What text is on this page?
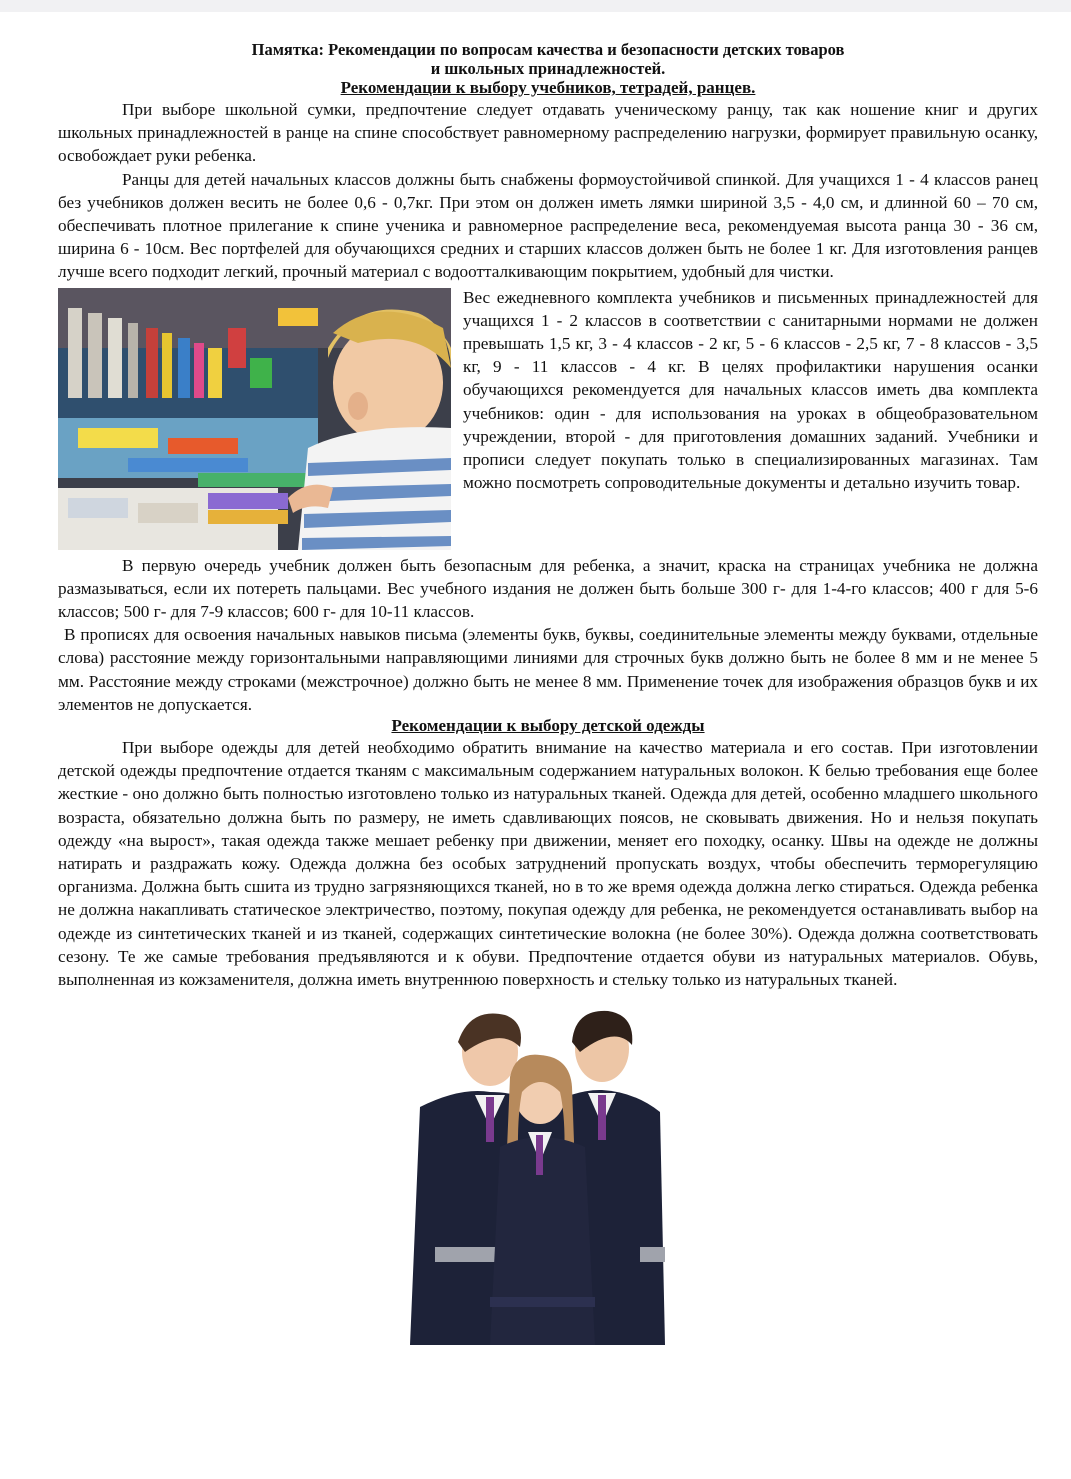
Памятка: Рекомендации по вопросам качества и безопасности детских товаров

и школьных принадлежностей.

Рекомендации к выбору учебников, тетрадей, ранцев.

При выборе школьной сумки, предпочтение следует отдавать ученическому ранцу, так как ношение книг и других школьных принадлежностей в ранце на спине способствует равномерному распределению нагрузки, формирует правильную осанку, освобождает руки ребенка.

Ранцы для детей начальных классов должны быть снабжены формоустойчивой спинкой. Для учащихся 1 - 4 классов ранец без учебников должен весить не более 0,6 - 0,7кг. При этом он должен иметь лямки шириной 3,5 - 4,0 см, и длинной 60 – 70 см, обеспечивать плотное прилегание к спине ученика и равномерное распределение веса, рекомендуемая высота ранца 30 - 36 см, ширина 6 - 10см. Вес портфелей для обучающихся средних и старших классов должен быть не более 1 кг. Для изготовления ранцев лучше всего подходит легкий, прочный материал с водоотталкивающим покрытием, удобный для чистки.

Вес ежедневного комплекта учебников и письменных принадлежностей для учащихся 1 - 2 классов в соответствии с санитарными нормами не должен превышать 1,5 кг, 3 - 4 классов - 2 кг, 5 - 6 классов - 2,5 кг, 7 - 8 классов - 3,5 кг, 9 - 11 классов - 4 кг. В целях профилактики нарушения осанки обучающихся рекомендуется для начальных классов иметь два комплекта учебников: один - для использования на уроках в общеобразовательном учреждении, второй - для приготовления домашних заданий. Учебники и прописи следует покупать только в специализированных магазинах. Там можно посмотреть сопроводительные документы и детально изучить товар.

В первую очередь учебник должен быть безопасным для ребенка, а значит, краска на страницах учебника не должна размазываться, если их потереть пальцами. Вес учебного издания не должен быть больше 300 г- для 1-4-го классов; 400 г для 5-6 классов; 500 г- для 7-9 классов; 600 г- для 10-11 классов.

В прописях для освоения начальных навыков письма (элементы букв, буквы, соединительные элементы между буквами, отдельные слова) расстояние между горизонтальными направляющими линиями для строчных букв должно быть не более 8 мм и не менее 5 мм. Расстояние между строками (межстрочное) должно быть не менее 8 мм. Применение точек для изображения образцов букв и их элементов не допускается.

Рекомендации к выбору детской одежды

При выборе одежды для детей необходимо обратить внимание на качество материала и его состав. При изготовлении детской одежды предпочтение отдается тканям с максимальным содержанием натуральных волокон. К белью требования еще более жесткие - оно должно быть полностью изготовлено только из натуральных тканей. Одежда для детей, особенно младшего школьного возраста, обязательно должна быть по размеру, не иметь сдавливающих поясов, не сковывать движения. Но и нельзя покупать одежду «на вырост», такая одежда также мешает ребенку при движении, меняет его походку, осанку. Швы на одежде не должны натирать и раздражать кожу. Одежда должна без особых затруднений пропускать воздух, чтобы обеспечить терморегуляцию организма. Должна быть сшита из трудно загрязняющихся тканей, но в то же время одежда должна легко стираться. Одежда ребенка не должна накапливать статическое электричество, поэтому, покупая одежду для ребенка, не рекомендуется останавливать выбор на одежде из синтетических тканей и из тканей, содержащих синтетические волокна (не более 30%). Одежда должна соответствовать сезону. Те же самые требования предъявляются и к обуви. Предпочтение отдается обуви из натуральных материалов. Обувь, выполненная из кожзаменителя, должна иметь внутреннюю поверхность и стельку только из натуральных тканей.
